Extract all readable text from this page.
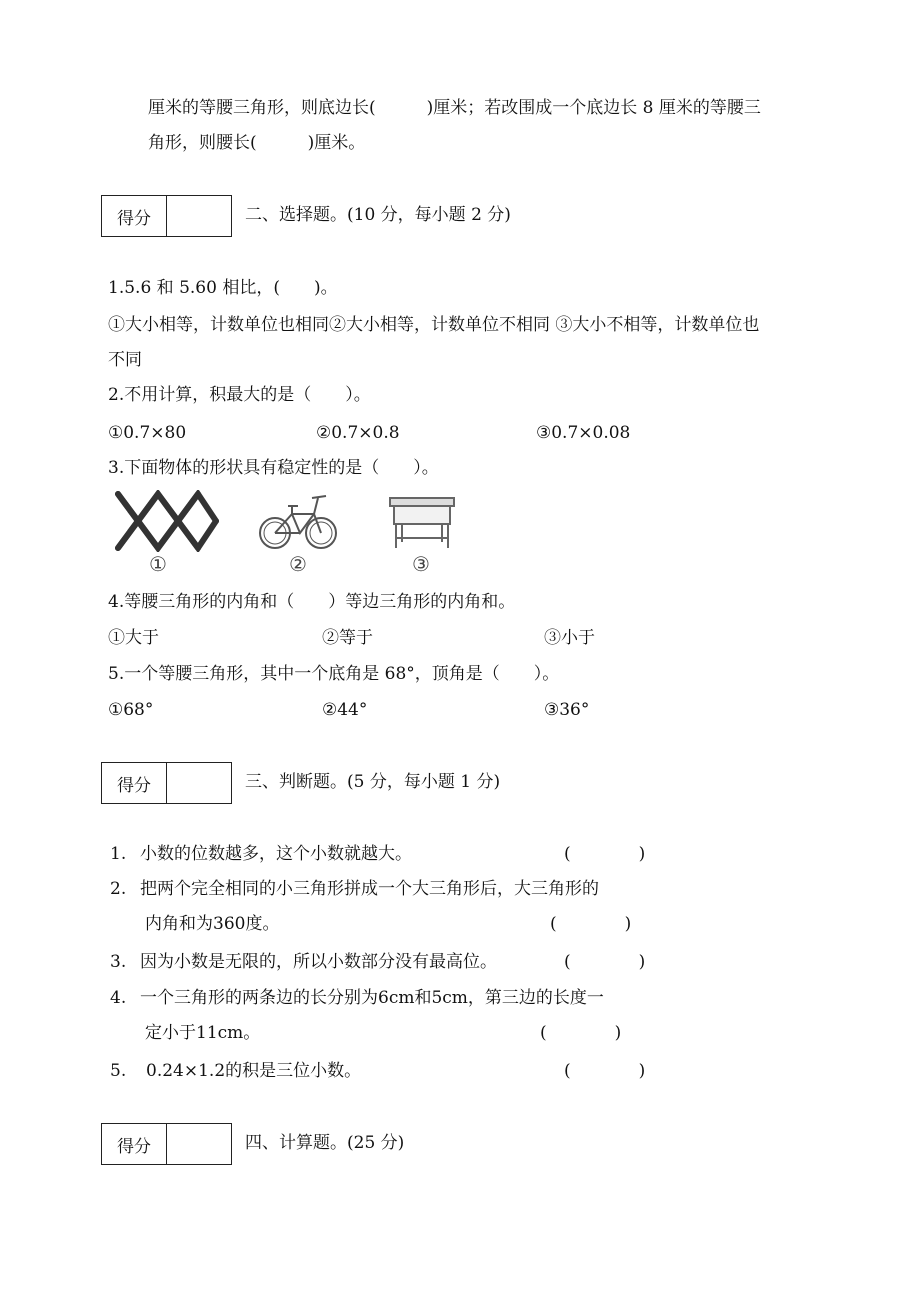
厘米的等腰三角形，则底边长(　　　)厘米；若改围成一个底边长 8 厘米的等腰三
角形，则腰长(　　　)厘米。
得分	二、选择题。(10 分，每小题 2 分)
1.5.6 和 5.60 相比，(　　)。
①大小相等，计数单位也相同②大小相等，计数单位不相同 ③大小不相等，计数单位也
不同
2.不用计算，积最大的是（　　）。
①0.7×80	②0.7×0.8	③0.7×0.08
3.下面物体的形状具有稳定性的是（　　）。
①	②	③
4.等腰三角形的内角和（　　）等边三角形的内角和。
①大于	②等于	③小于
5.一个等腰三角形，其中一个底角是 68°，顶角是（　　）。
①68°	②44°	③36°
得分	三、判断题。(5 分，每小题 1 分)
1. 小数的位数越多，这个小数就越大。	(　　　　)
2. 把两个完全相同的小三角形拼成一个大三角形后，大三角形的
内角和为360度。	(　　　　)
3. 因为小数是无限的，所以小数部分没有最高位。	(　　　　)
4. 一个三角形的两条边的长分别为6cm和5cm，第三边的长度一
定小于11cm。	(　　　　)
5. 0.24×1.2的积是三位小数。	(　　　　)
得分	四、计算题。(25 分)
